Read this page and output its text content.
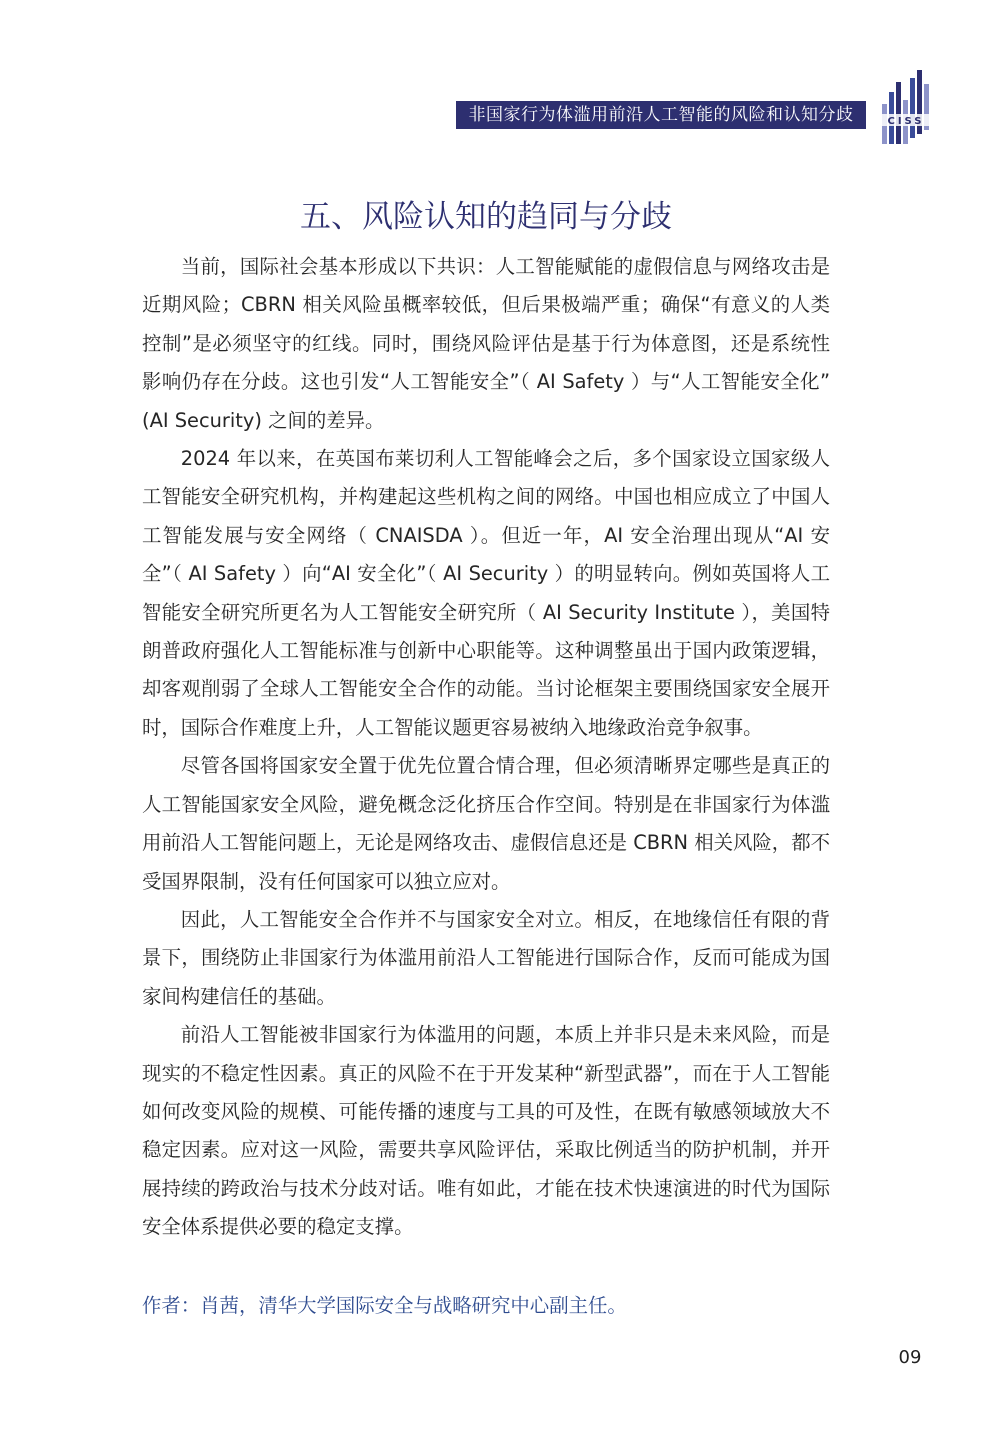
非国家行为体滥用前沿人工智能的风险和认知分歧	CISS
五、风险认知的趋同与分歧

当前，国际社会基本形成以下共识：人工智能赋能的虚假信息与网络攻击是近期风险；CBRN 相关风险虽概率较低，但后果极端严重；确保“有意义的人类控制”是必须坚守的红线。同时，围绕风险评估是基于行为体意图，还是系统性影响仍存在分歧。这也引发“人工智能安全”（ AI Safety ）与“人工智能安全化” (AI Security) 之间的差异。

2024 年以来，在英国布莱切利人工智能峰会之后，多个国家设立国家级人工智能安全研究机构，并构建起这些机构之间的网络。中国也相应成立了中国人工智能发展与安全网络（ CNAISDA ）。但近一年，AI 安全治理出现从“AI 安全”（ AI Safety ）向“AI 安全化”（ AI Security ）的明显转向。例如英国将人工智能安全研究所更名为人工智能安全研究所（ AI Security Institute ），美国特朗普政府强化人工智能标准与创新中心职能等。这种调整虽出于国内政策逻辑，却客观削弱了全球人工智能安全合作的动能。当讨论框架主要围绕国家安全展开时，国际合作难度上升，人工智能议题更容易被纳入地缘政治竞争叙事。

尽管各国将国家安全置于优先位置合情合理，但必须清晰界定哪些是真正的人工智能国家安全风险，避免概念泛化挤压合作空间。特别是在非国家行为体滥用前沿人工智能问题上，无论是网络攻击、虚假信息还是 CBRN 相关风险，都不受国界限制，没有任何国家可以独立应对。

因此，人工智能安全合作并不与国家安全对立。相反，在地缘信任有限的背景下，围绕防止非国家行为体滥用前沿人工智能进行国际合作，反而可能成为国家间构建信任的基础。

前沿人工智能被非国家行为体滥用的问题，本质上并非只是未来风险，而是现实的不稳定性因素。真正的风险不在于开发某种“新型武器”，而在于人工智能如何改变风险的规模、可能传播的速度与工具的可及性，在既有敏感领域放大不稳定因素。应对这一风险，需要共享风险评估，采取比例适当的防护机制，并开展持续的跨政治与技术分歧对话。唯有如此，才能在技术快速演进的时代为国际安全体系提供必要的稳定支撑。

作者：肖茜，清华大学国际安全与战略研究中心副主任。

09
